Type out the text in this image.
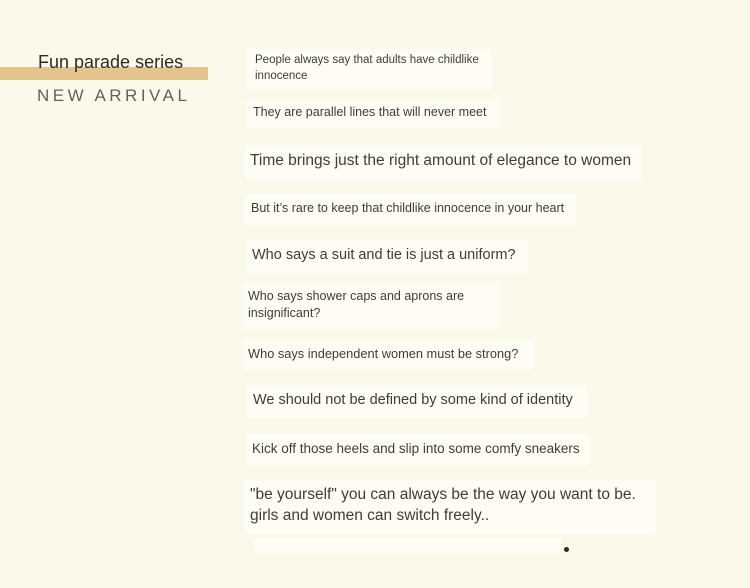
Fun parade series
NEW ARRIVAL
People always say that adults have childlike innocence
They are parallel lines that will never meet
Time brings just the right amount of elegance to women
But it’s rare to keep that childlike innocence in your heart
Who says a suit and tie is just a uniform?
Who says shower caps and aprons are insignificant?
Who says independent women must be strong?
We should not be defined by some kind of identity
Kick off those heels and slip into some comfy sneakers
"be yourself" you can always be the way you want to be. girls and women can switch freely..
